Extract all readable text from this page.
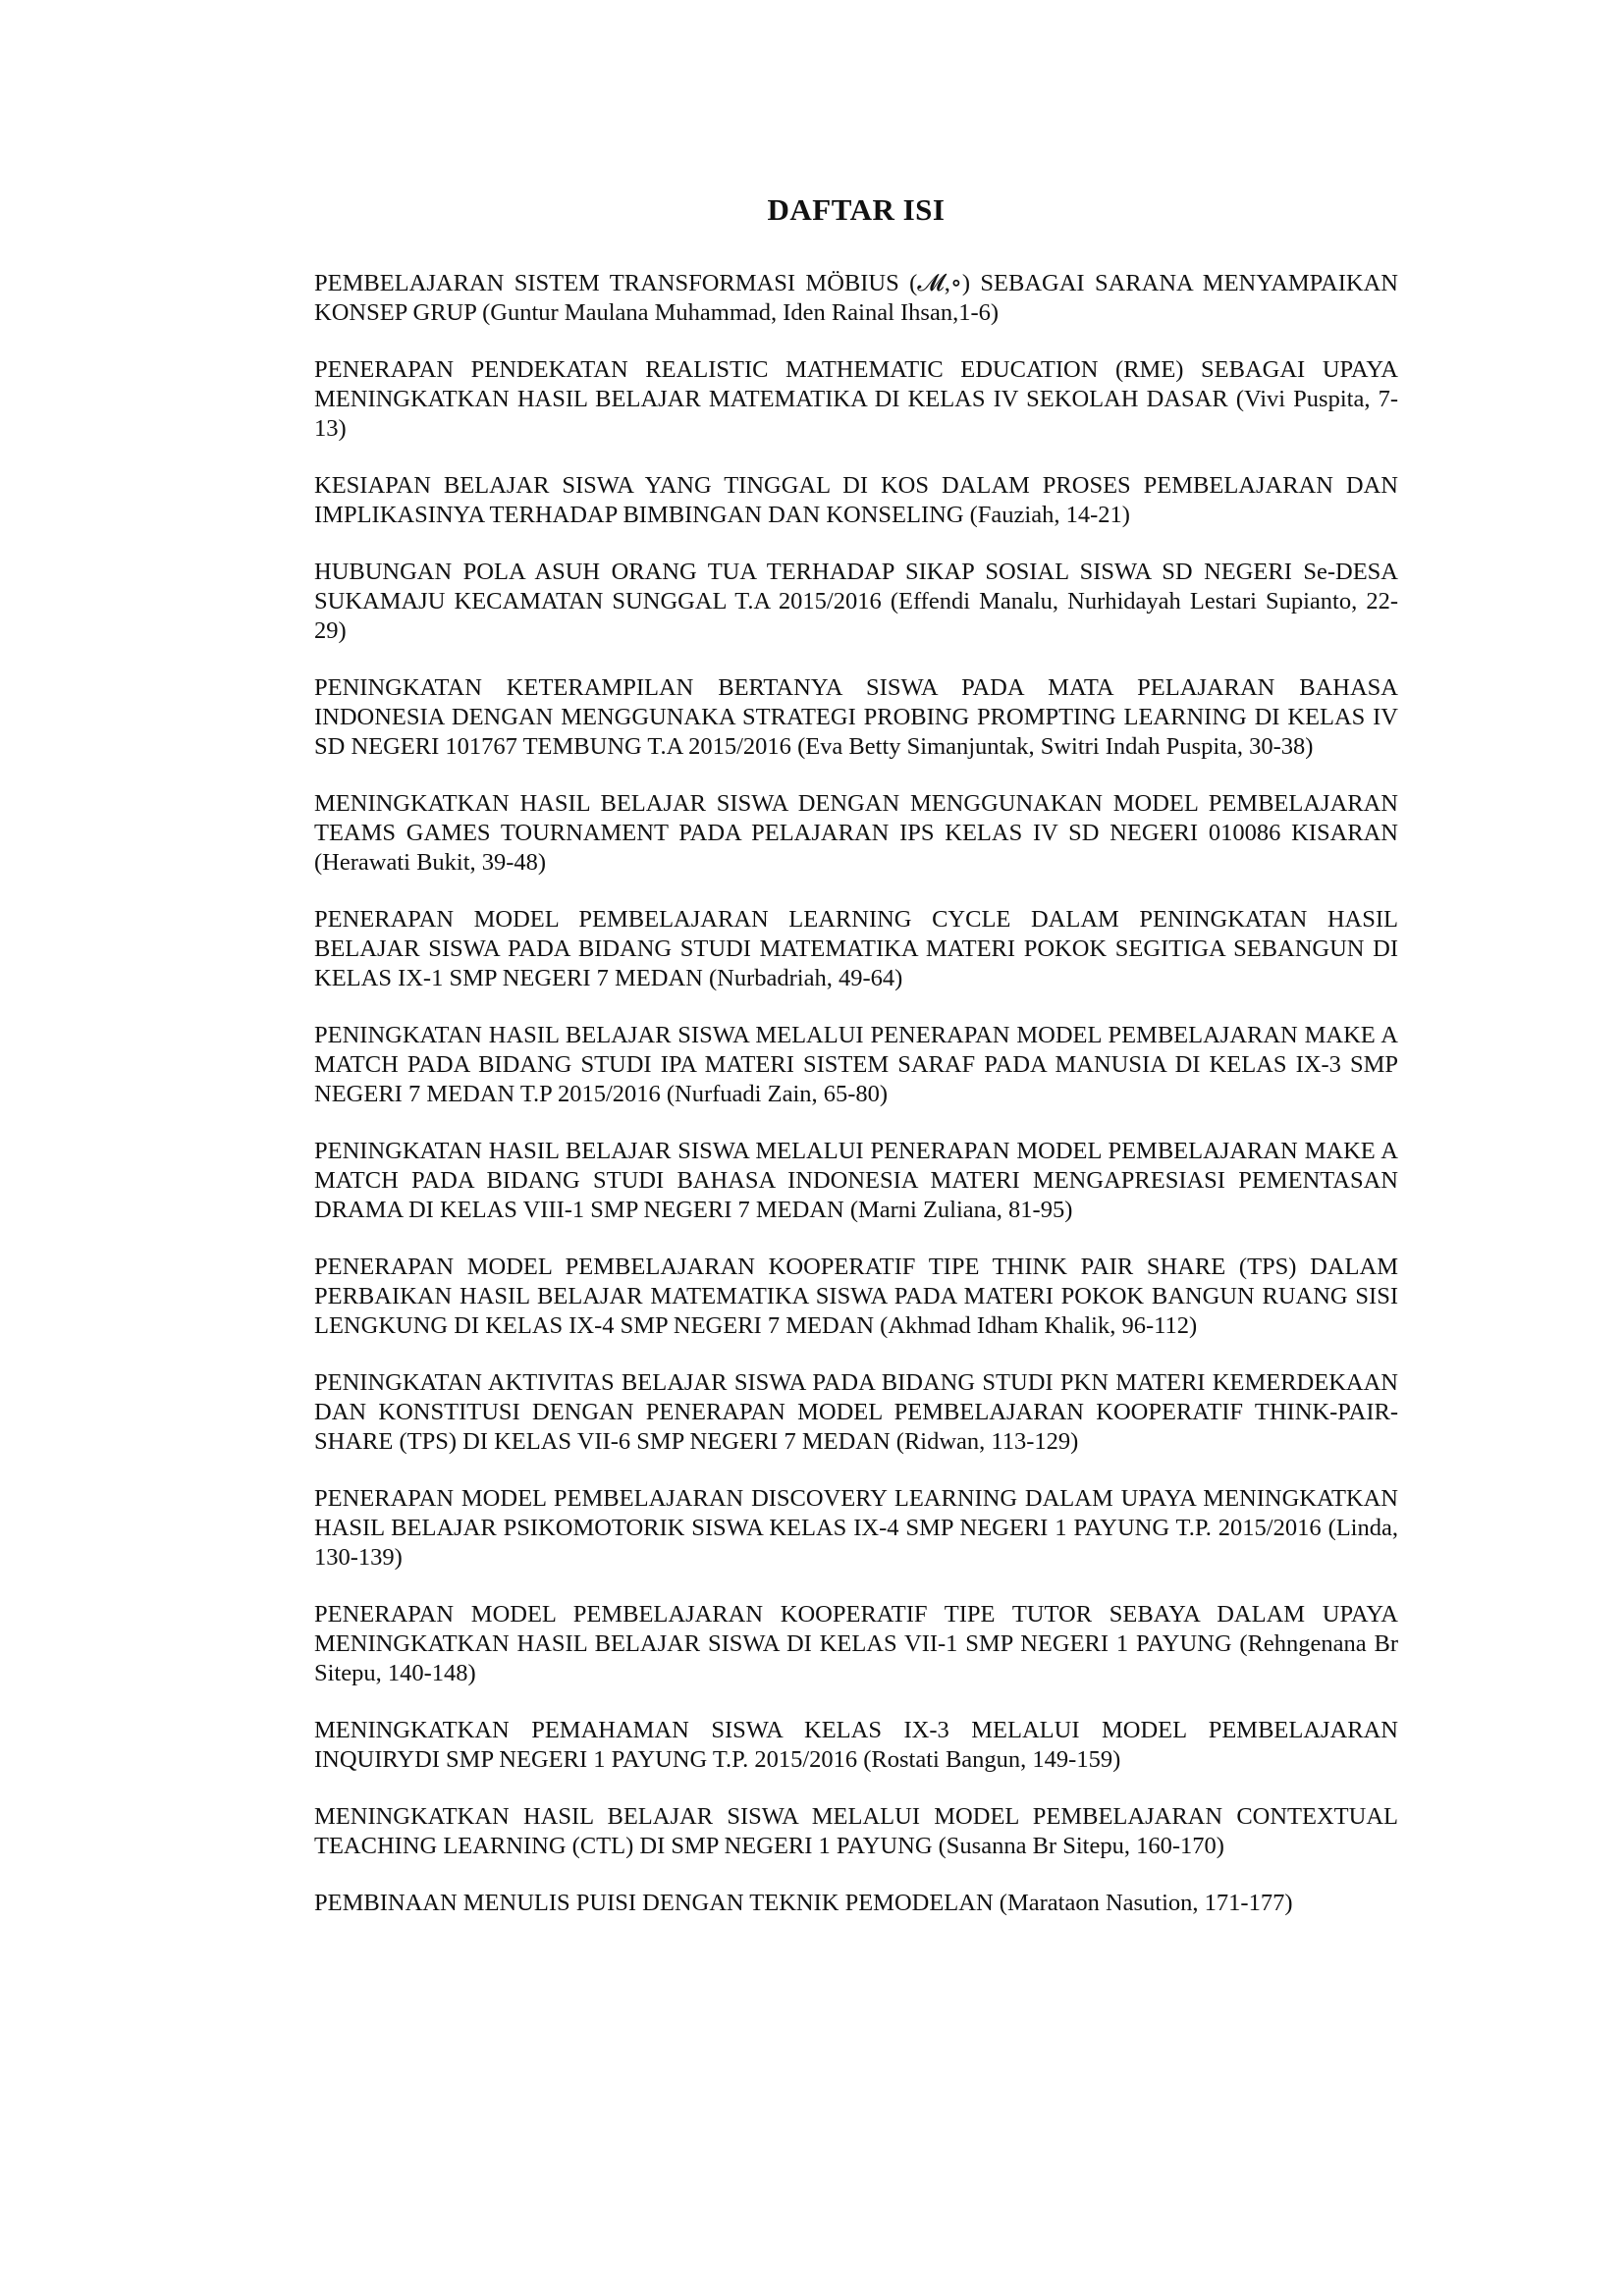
DAFTAR ISI

PEMBELAJARAN SISTEM TRANSFORMASI MÖBIUS (𝓜,∘) SEBAGAI SARANA MENYAMPAIKAN KONSEP GRUP (Guntur Maulana Muhammad, Iden Rainal Ihsan,1-6)

PENERAPAN PENDEKATAN REALISTIC MATHEMATIC EDUCATION (RME) SEBAGAI UPAYA MENINGKATKAN HASIL BELAJAR MATEMATIKA DI KELAS IV SEKOLAH DASAR (Vivi Puspita, 7-13)

KESIAPAN BELAJAR SISWA YANG TINGGAL DI KOS DALAM PROSES PEMBELAJARAN DAN IMPLIKASINYA TERHADAP BIMBINGAN DAN KONSELING (Fauziah, 14-21)

HUBUNGAN POLA ASUH ORANG TUA TERHADAP SIKAP SOSIAL SISWA SD NEGERI Se-DESA SUKAMAJU KECAMATAN SUNGGAL T.A 2015/2016 (Effendi Manalu, Nurhidayah Lestari Supianto, 22-29)

PENINGKATAN KETERAMPILAN BERTANYA SISWA PADA MATA PELAJARAN BAHASA INDONESIA DENGAN MENGGUNAKA STRATEGI PROBING PROMPTING LEARNING DI KELAS IV SD NEGERI 101767 TEMBUNG T.A 2015/2016 (Eva Betty Simanjuntak, Switri Indah Puspita, 30-38)

MENINGKATKAN HASIL BELAJAR SISWA DENGAN MENGGUNAKAN MODEL PEMBELAJARAN TEAMS GAMES TOURNAMENT PADA PELAJARAN IPS KELAS IV SD NEGERI 010086 KISARAN (Herawati Bukit, 39-48)

PENERAPAN MODEL PEMBELAJARAN LEARNING CYCLE DALAM PENINGKATAN HASIL BELAJAR SISWA PADA BIDANG STUDI MATEMATIKA MATERI POKOK SEGITIGA SEBANGUN DI KELAS IX-1 SMP NEGERI 7 MEDAN (Nurbadriah, 49-64)

PENINGKATAN HASIL BELAJAR SISWA MELALUI PENERAPAN MODEL PEMBELAJARAN MAKE A MATCH PADA BIDANG STUDI IPA MATERI SISTEM SARAF PADA MANUSIA DI KELAS IX-3 SMP NEGERI 7 MEDAN T.P 2015/2016 (Nurfuadi Zain, 65-80)

PENINGKATAN HASIL BELAJAR SISWA MELALUI PENERAPAN MODEL PEMBELAJARAN MAKE A MATCH PADA BIDANG STUDI BAHASA INDONESIA MATERI MENGAPRESIASI PEMENTASAN DRAMA DI KELAS VIII-1 SMP NEGERI 7 MEDAN (Marni Zuliana, 81-95)

PENERAPAN MODEL PEMBELAJARAN KOOPERATIF TIPE THINK PAIR SHARE (TPS) DALAM PERBAIKAN HASIL BELAJAR MATEMATIKA SISWA PADA MATERI POKOK BANGUN RUANG SISI LENGKUNG DI KELAS IX-4 SMP NEGERI 7 MEDAN (Akhmad Idham Khalik, 96-112)

PENINGKATAN AKTIVITAS BELAJAR SISWA PADA BIDANG STUDI PKN MATERI KEMERDEKAAN DAN KONSTITUSI DENGAN PENERAPAN MODEL PEMBELAJARAN KOOPERATIF THINK-PAIR-SHARE (TPS) DI KELAS VII-6 SMP NEGERI 7 MEDAN (Ridwan, 113-129)

PENERAPAN MODEL PEMBELAJARAN DISCOVERY LEARNING DALAM UPAYA MENINGKATKAN HASIL BELAJAR PSIKOMOTORIK SISWA KELAS IX-4 SMP NEGERI 1 PAYUNG T.P. 2015/2016 (Linda, 130-139)

PENERAPAN MODEL PEMBELAJARAN KOOPERATIF TIPE TUTOR SEBAYA DALAM UPAYA MENINGKATKAN HASIL BELAJAR SISWA DI KELAS VII-1 SMP NEGERI 1 PAYUNG (Rehngenana Br Sitepu, 140-148)

MENINGKATKAN PEMAHAMAN SISWA KELAS IX-3 MELALUI MODEL PEMBELAJARAN INQUIRYDI SMP NEGERI 1 PAYUNG T.P. 2015/2016 (Rostati Bangun, 149-159)

MENINGKATKAN HASIL BELAJAR SISWA MELALUI MODEL PEMBELAJARAN CONTEXTUAL TEACHING LEARNING (CTL) DI SMP NEGERI 1 PAYUNG (Susanna Br Sitepu, 160-170)

PEMBINAAN MENULIS PUISI DENGAN TEKNIK PEMODELAN (Marataon Nasution, 171-177)
